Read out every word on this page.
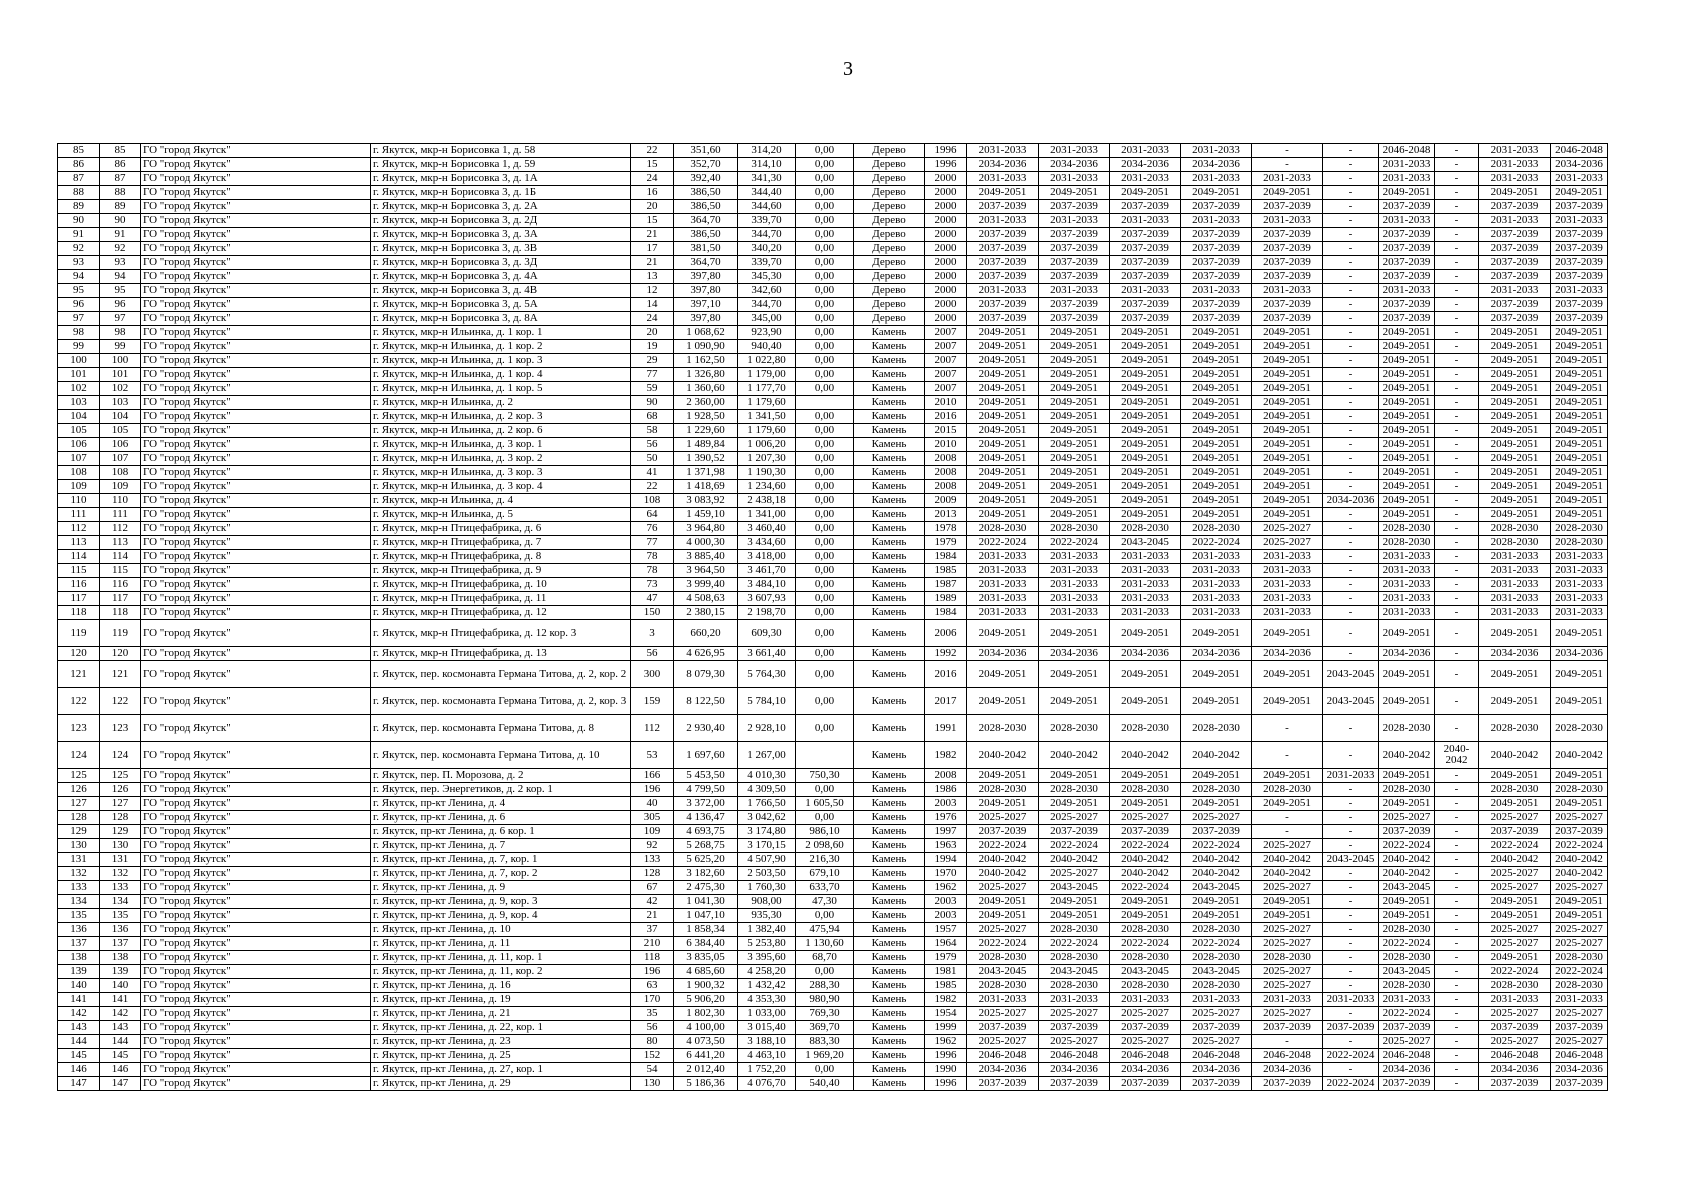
3
85	85	ГО "город Якутск"	г. Якутск, мкр-н Борисовка 1, д. 58	22	351,60	314,20	0,00	Дерево	1996	2031-2033	2031-2033	2031-2033	2031-2033	-	-	2046-2048	-	2031-2033	2046-2048
86	86	ГО "город Якутск"	г. Якутск, мкр-н Борисовка 1, д. 59	15	352,70	314,10	0,00	Дерево	1996	2034-2036	2034-2036	2034-2036	2034-2036	-	-	2031-2033	-	2031-2033	2034-2036
87	87	ГО "город Якутск"	г. Якутск, мкр-н Борисовка 3, д. 1А	24	392,40	341,30	0,00	Дерево	2000	2031-2033	2031-2033	2031-2033	2031-2033	2031-2033	-	2031-2033	-	2031-2033	2031-2033
88	88	ГО "город Якутск"	г. Якутск, мкр-н Борисовка 3, д. 1Б	16	386,50	344,40	0,00	Дерево	2000	2049-2051	2049-2051	2049-2051	2049-2051	2049-2051	-	2049-2051	-	2049-2051	2049-2051
89	89	ГО "город Якутск"	г. Якутск, мкр-н Борисовка 3, д. 2А	20	386,50	344,60	0,00	Дерево	2000	2037-2039	2037-2039	2037-2039	2037-2039	2037-2039	-	2037-2039	-	2037-2039	2037-2039
90	90	ГО "город Якутск"	г. Якутск, мкр-н Борисовка 3, д. 2Д	15	364,70	339,70	0,00	Дерево	2000	2031-2033	2031-2033	2031-2033	2031-2033	2031-2033	-	2031-2033	-	2031-2033	2031-2033
91	91	ГО "город Якутск"	г. Якутск, мкр-н Борисовка 3, д. 3А	21	386,50	344,70	0,00	Дерево	2000	2037-2039	2037-2039	2037-2039	2037-2039	2037-2039	-	2037-2039	-	2037-2039	2037-2039
92	92	ГО "город Якутск"	г. Якутск, мкр-н Борисовка 3, д. 3В	17	381,50	340,20	0,00	Дерево	2000	2037-2039	2037-2039	2037-2039	2037-2039	2037-2039	-	2037-2039	-	2037-2039	2037-2039
93	93	ГО "город Якутск"	г. Якутск, мкр-н Борисовка 3, д. 3Д	21	364,70	339,70	0,00	Дерево	2000	2037-2039	2037-2039	2037-2039	2037-2039	2037-2039	-	2037-2039	-	2037-2039	2037-2039
94	94	ГО "город Якутск"	г. Якутск, мкр-н Борисовка 3, д. 4А	13	397,80	345,30	0,00	Дерево	2000	2037-2039	2037-2039	2037-2039	2037-2039	2037-2039	-	2037-2039	-	2037-2039	2037-2039
95	95	ГО "город Якутск"	г. Якутск, мкр-н Борисовка 3, д. 4В	12	397,80	342,60	0,00	Дерево	2000	2031-2033	2031-2033	2031-2033	2031-2033	2031-2033	-	2031-2033	-	2031-2033	2031-2033
96	96	ГО "город Якутск"	г. Якутск, мкр-н Борисовка 3, д. 5А	14	397,10	344,70	0,00	Дерево	2000	2037-2039	2037-2039	2037-2039	2037-2039	2037-2039	-	2037-2039	-	2037-2039	2037-2039
97	97	ГО "город Якутск"	г. Якутск, мкр-н Борисовка 3, д. 8А	24	397,80	345,00	0,00	Дерево	2000	2037-2039	2037-2039	2037-2039	2037-2039	2037-2039	-	2037-2039	-	2037-2039	2037-2039
98	98	ГО "город Якутск"	г. Якутск, мкр-н Ильинка, д. 1 кор. 1	20	1 068,62	923,90	0,00	Камень	2007	2049-2051	2049-2051	2049-2051	2049-2051	2049-2051	-	2049-2051	-	2049-2051	2049-2051
99	99	ГО "город Якутск"	г. Якутск, мкр-н Ильинка, д. 1 кор. 2	19	1 090,90	940,40	0,00	Камень	2007	2049-2051	2049-2051	2049-2051	2049-2051	2049-2051	-	2049-2051	-	2049-2051	2049-2051
100	100	ГО "город Якутск"	г. Якутск, мкр-н Ильинка, д. 1 кор. 3	29	1 162,50	1 022,80	0,00	Камень	2007	2049-2051	2049-2051	2049-2051	2049-2051	2049-2051	-	2049-2051	-	2049-2051	2049-2051
101	101	ГО "город Якутск"	г. Якутск, мкр-н Ильинка, д. 1 кор. 4	77	1 326,80	1 179,00	0,00	Камень	2007	2049-2051	2049-2051	2049-2051	2049-2051	2049-2051	-	2049-2051	-	2049-2051	2049-2051
102	102	ГО "город Якутск"	г. Якутск, мкр-н Ильинка, д. 1 кор. 5	59	1 360,60	1 177,70	0,00	Камень	2007	2049-2051	2049-2051	2049-2051	2049-2051	2049-2051	-	2049-2051	-	2049-2051	2049-2051
103	103	ГО "город Якутск"	г. Якутск, мкр-н Ильинка, д. 2	90	2 360,00	1 179,60		Камень	2010	2049-2051	2049-2051	2049-2051	2049-2051	2049-2051	-	2049-2051	-	2049-2051	2049-2051
104	104	ГО "город Якутск"	г. Якутск, мкр-н Ильинка, д. 2 кор. 3	68	1 928,50	1 341,50	0,00	Камень	2016	2049-2051	2049-2051	2049-2051	2049-2051	2049-2051	-	2049-2051	-	2049-2051	2049-2051
105	105	ГО "город Якутск"	г. Якутск, мкр-н Ильинка, д. 2 кор. 6	58	1 229,60	1 179,60	0,00	Камень	2015	2049-2051	2049-2051	2049-2051	2049-2051	2049-2051	-	2049-2051	-	2049-2051	2049-2051
106	106	ГО "город Якутск"	г. Якутск, мкр-н Ильинка, д. 3 кор. 1	56	1 489,84	1 006,20	0,00	Камень	2010	2049-2051	2049-2051	2049-2051	2049-2051	2049-2051	-	2049-2051	-	2049-2051	2049-2051
107	107	ГО "город Якутск"	г. Якутск, мкр-н Ильинка, д. 3 кор. 2	50	1 390,52	1 207,30	0,00	Камень	2008	2049-2051	2049-2051	2049-2051	2049-2051	2049-2051	-	2049-2051	-	2049-2051	2049-2051
108	108	ГО "город Якутск"	г. Якутск, мкр-н Ильинка, д. 3 кор. 3	41	1 371,98	1 190,30	0,00	Камень	2008	2049-2051	2049-2051	2049-2051	2049-2051	2049-2051	-	2049-2051	-	2049-2051	2049-2051
109	109	ГО "город Якутск"	г. Якутск, мкр-н Ильинка, д. 3 кор. 4	22	1 418,69	1 234,60	0,00	Камень	2008	2049-2051	2049-2051	2049-2051	2049-2051	2049-2051	-	2049-2051	-	2049-2051	2049-2051
110	110	ГО "город Якутск"	г. Якутск, мкр-н Ильинка, д. 4	108	3 083,92	2 438,18	0,00	Камень	2009	2049-2051	2049-2051	2049-2051	2049-2051	2049-2051	2034-2036	2049-2051	-	2049-2051	2049-2051
111	111	ГО "город Якутск"	г. Якутск, мкр-н Ильинка, д. 5	64	1 459,10	1 341,00	0,00	Камень	2013	2049-2051	2049-2051	2049-2051	2049-2051	2049-2051	-	2049-2051	-	2049-2051	2049-2051
112	112	ГО "город Якутск"	г. Якутск, мкр-н Птицефабрика, д. 6	76	3 964,80	3 460,40	0,00	Камень	1978	2028-2030	2028-2030	2028-2030	2028-2030	2025-2027	-	2028-2030	-	2028-2030	2028-2030
113	113	ГО "город Якутск"	г. Якутск, мкр-н Птицефабрика, д. 7	77	4 000,30	3 434,60	0,00	Камень	1979	2022-2024	2022-2024	2043-2045	2022-2024	2025-2027	-	2028-2030	-	2028-2030	2028-2030
114	114	ГО "город Якутск"	г. Якутск, мкр-н Птицефабрика, д. 8	78	3 885,40	3 418,00	0,00	Камень	1984	2031-2033	2031-2033	2031-2033	2031-2033	2031-2033	-	2031-2033	-	2031-2033	2031-2033
115	115	ГО "город Якутск"	г. Якутск, мкр-н Птицефабрика, д. 9	78	3 964,50	3 461,70	0,00	Камень	1985	2031-2033	2031-2033	2031-2033	2031-2033	2031-2033	-	2031-2033	-	2031-2033	2031-2033
116	116	ГО "город Якутск"	г. Якутск, мкр-н Птицефабрика, д. 10	73	3 999,40	3 484,10	0,00	Камень	1987	2031-2033	2031-2033	2031-2033	2031-2033	2031-2033	-	2031-2033	-	2031-2033	2031-2033
117	117	ГО "город Якутск"	г. Якутск, мкр-н Птицефабрика, д. 11	47	4 508,63	3 607,93	0,00	Камень	1989	2031-2033	2031-2033	2031-2033	2031-2033	2031-2033	-	2031-2033	-	2031-2033	2031-2033
118	118	ГО "город Якутск"	г. Якутск, мкр-н Птицефабрика, д. 12	150	2 380,15	2 198,70	0,00	Камень	1984	2031-2033	2031-2033	2031-2033	2031-2033	2031-2033	-	2031-2033	-	2031-2033	2031-2033
119	119	ГО "город Якутск"	г. Якутск, мкр-н Птицефабрика, д. 12 кор. 3	3	660,20	609,30	0,00	Камень	2006	2049-2051	2049-2051	2049-2051	2049-2051	2049-2051	-	2049-2051	-	2049-2051	2049-2051
120	120	ГО "город Якутск"	г. Якутск, мкр-н Птицефабрика, д. 13	56	4 626,95	3 661,40	0,00	Камень	1992	2034-2036	2034-2036	2034-2036	2034-2036	2034-2036	-	2034-2036	-	2034-2036	2034-2036
121	121	ГО "город Якутск"	г. Якутск, пер. космонавта Германа Титова, д. 2, кор. 2	300	8 079,30	5 764,30	0,00	Камень	2016	2049-2051	2049-2051	2049-2051	2049-2051	2049-2051	2043-2045	2049-2051	-	2049-2051	2049-2051
122	122	ГО "город Якутск"	г. Якутск, пер. космонавта Германа Титова, д. 2, кор. 3	159	8 122,50	5 784,10	0,00	Камень	2017	2049-2051	2049-2051	2049-2051	2049-2051	2049-2051	2043-2045	2049-2051	-	2049-2051	2049-2051
123	123	ГО "город Якутск"	г. Якутск, пер. космонавта Германа Титова, д. 8	112	2 930,40	2 928,10	0,00	Камень	1991	2028-2030	2028-2030	2028-2030	2028-2030	-	-	2028-2030	-	2028-2030	2028-2030
124	124	ГО "город Якутск"	г. Якутск, пер. космонавта Германа Титова, д. 10	53	1 697,60	1 267,00		Камень	1982	2040-2042	2040-2042	2040-2042	2040-2042	-	-	2040-2042	2040-2042	2040-2042	2040-2042
125	125	ГО "город Якутск"	г. Якутск, пер. П. Морозова, д. 2	166	5 453,50	4 010,30	750,30	Камень	2008	2049-2051	2049-2051	2049-2051	2049-2051	2049-2051	2031-2033	2049-2051	-	2049-2051	2049-2051
126	126	ГО "город Якутск"	г. Якутск, пер. Энергетиков, д. 2 кор. 1	196	4 799,50	4 309,50	0,00	Камень	1986	2028-2030	2028-2030	2028-2030	2028-2030	2028-2030	-	2028-2030	-	2028-2030	2028-2030
127	127	ГО "город Якутск"	г. Якутск, пр-кт Ленина, д. 4	40	3 372,00	1 766,50	1 605,50	Камень	2003	2049-2051	2049-2051	2049-2051	2049-2051	2049-2051	-	2049-2051	-	2049-2051	2049-2051
128	128	ГО "город Якутск"	г. Якутск, пр-кт Ленина, д. 6	305	4 136,47	3 042,62	0,00	Камень	1976	2025-2027	2025-2027	2025-2027	2025-2027	-	-	2025-2027	-	2025-2027	2025-2027
129	129	ГО "город Якутск"	г. Якутск, пр-кт Ленина, д. 6 кор. 1	109	4 693,75	3 174,80	986,10	Камень	1997	2037-2039	2037-2039	2037-2039	2037-2039	-	-	2037-2039	-	2037-2039	2037-2039
130	130	ГО "город Якутск"	г. Якутск, пр-кт Ленина, д. 7	92	5 268,75	3 170,15	2 098,60	Камень	1963	2022-2024	2022-2024	2022-2024	2022-2024	2025-2027	-	2022-2024	-	2022-2024	2022-2024
131	131	ГО "город Якутск"	г. Якутск, пр-кт Ленина, д. 7, кор. 1	133	5 625,20	4 507,90	216,30	Камень	1994	2040-2042	2040-2042	2040-2042	2040-2042	2040-2042	2043-2045	2040-2042	-	2040-2042	2040-2042
132	132	ГО "город Якутск"	г. Якутск, пр-кт Ленина, д. 7, кор. 2	128	3 182,60	2 503,50	679,10	Камень	1970	2040-2042	2025-2027	2040-2042	2040-2042	2040-2042	-	2040-2042	-	2025-2027	2040-2042
133	133	ГО "город Якутск"	г. Якутск, пр-кт Ленина, д. 9	67	2 475,30	1 760,30	633,70	Камень	1962	2025-2027	2043-2045	2022-2024	2043-2045	2025-2027	-	2043-2045	-	2025-2027	2025-2027
134	134	ГО "город Якутск"	г. Якутск, пр-кт Ленина, д. 9, кор. 3	42	1 041,30	908,00	47,30	Камень	2003	2049-2051	2049-2051	2049-2051	2049-2051	2049-2051	-	2049-2051	-	2049-2051	2049-2051
135	135	ГО "город Якутск"	г. Якутск, пр-кт Ленина, д. 9, кор. 4	21	1 047,10	935,30	0,00	Камень	2003	2049-2051	2049-2051	2049-2051	2049-2051	2049-2051	-	2049-2051	-	2049-2051	2049-2051
136	136	ГО "город Якутск"	г. Якутск, пр-кт Ленина, д. 10	37	1 858,34	1 382,40	475,94	Камень	1957	2025-2027	2028-2030	2028-2030	2028-2030	2025-2027	-	2028-2030	-	2025-2027	2025-2027
137	137	ГО "город Якутск"	г. Якутск, пр-кт Ленина, д. 11	210	6 384,40	5 253,80	1 130,60	Камень	1964	2022-2024	2022-2024	2022-2024	2022-2024	2025-2027	-	2022-2024	-	2025-2027	2025-2027
138	138	ГО "город Якутск"	г. Якутск, пр-кт Ленина, д. 11, кор. 1	118	3 835,05	3 395,60	68,70	Камень	1979	2028-2030	2028-2030	2028-2030	2028-2030	2028-2030	-	2028-2030	-	2049-2051	2028-2030
139	139	ГО "город Якутск"	г. Якутск, пр-кт Ленина, д. 11, кор. 2	196	4 685,60	4 258,20	0,00	Камень	1981	2043-2045	2043-2045	2043-2045	2043-2045	2025-2027	-	2043-2045	-	2022-2024	2022-2024
140	140	ГО "город Якутск"	г. Якутск, пр-кт Ленина, д. 16	63	1 900,32	1 432,42	288,30	Камень	1985	2028-2030	2028-2030	2028-2030	2028-2030	2025-2027	-	2028-2030	-	2028-2030	2028-2030
141	141	ГО "город Якутск"	г. Якутск, пр-кт Ленина, д. 19	170	5 906,20	4 353,30	980,90	Камень	1982	2031-2033	2031-2033	2031-2033	2031-2033	2031-2033	2031-2033	2031-2033	-	2031-2033	2031-2033
142	142	ГО "город Якутск"	г. Якутск, пр-кт Ленина, д. 21	35	1 802,30	1 033,00	769,30	Камень	1954	2025-2027	2025-2027	2025-2027	2025-2027	2025-2027	-	2022-2024	-	2025-2027	2025-2027
143	143	ГО "город Якутск"	г. Якутск, пр-кт Ленина, д. 22, кор. 1	56	4 100,00	3 015,40	369,70	Камень	1999	2037-2039	2037-2039	2037-2039	2037-2039	2037-2039	2037-2039	2037-2039	-	2037-2039	2037-2039
144	144	ГО "город Якутск"	г. Якутск, пр-кт Ленина, д. 23	80	4 073,50	3 188,10	883,30	Камень	1962	2025-2027	2025-2027	2025-2027	2025-2027	-	-	2025-2027	-	2025-2027	2025-2027
145	145	ГО "город Якутск"	г. Якутск, пр-кт Ленина, д. 25	152	6 441,20	4 463,10	1 969,20	Камень	1996	2046-2048	2046-2048	2046-2048	2046-2048	2046-2048	2022-2024	2046-2048	-	2046-2048	2046-2048
146	146	ГО "город Якутск"	г. Якутск, пр-кт Ленина, д. 27, кор. 1	54	2 012,40	1 752,20	0,00	Камень	1990	2034-2036	2034-2036	2034-2036	2034-2036	2034-2036	-	2034-2036	-	2034-2036	2034-2036
147	147	ГО "город Якутск"	г. Якутск, пр-кт Ленина, д. 29	130	5 186,36	4 076,70	540,40	Камень	1996	2037-2039	2037-2039	2037-2039	2037-2039	2037-2039	2022-2024	2037-2039	-	2037-2039	2037-2039
